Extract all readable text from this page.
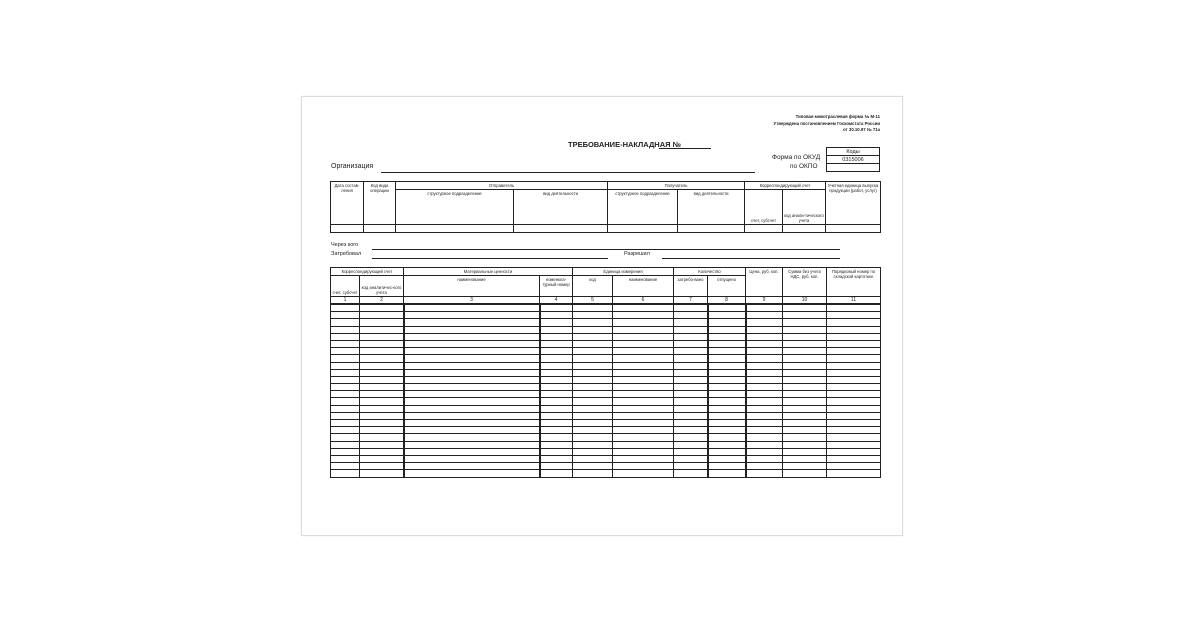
Типовая межотраслевая форма № М-11
Утверждена постановлением Госкомстата России
от 30.10.97 № 71а
ТРЕБОВАНИЕ-НАКЛАДНАЯ №
Организация
Форма по ОКУД
по ОКПО
Коды
0315006

Дата состав-ления	Код вида операции	Отправитель		Получатель		Корреспондирующий счет		Учетная единица выпуска продукции (работ, услуг)
		структурное подразделение	вид деятельности	структурное подразделение	вид деятельности	счет, субсчет	код анали-тического учета	

Через кого
Затребовал	Разрешил
Корреспондирующий счет		Материальные ценности		Единица измерения		Количество		Цена, руб. коп.	Сумма без учета НДС, руб. коп.	Порядковый номер по складской картотеке
счет, субсчет	код аналитичес-кого учета	наименование	номенкла-турный номер	код	наименование	затребо-вано	отпущено			
1	2	3	4	5	6	7	8	9	10	11
